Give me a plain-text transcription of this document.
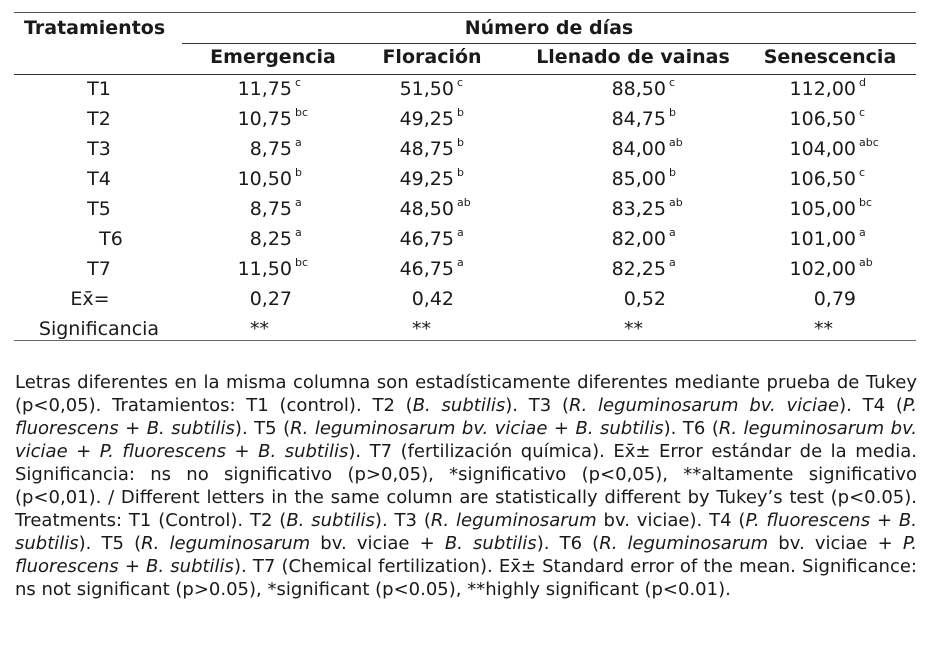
Tratamientos	Número de días
Emergencia	Floración	Llenado de vainas	Senescencia
T1	11,75 $^c$	51,50 $^c$	88,50 $^c$	112,00 $^d$
T2	10,75 $^{bc}$	49,25 $^b$	84,75 $^b$	106,50 $^c$
T3	8,75 $^a$	48,75 $^b$	84,00 $^{ab}$	104,00 $^{abc}$
T4	10,50 $^b$	49,25 $^b$	85,00 $^b$	106,50 $^c$
T5	8,75 $^a$	48,50 $^{ab}$	83,25 $^{ab}$	105,00 $^{bc}$
T6	8,25 $^a$	46,75 $^a$	82,00 $^a$	101,00 $^a$
T7	11,50 $^{bc}$	46,75 $^a$	82,25 $^a$	102,00 $^{ab}$
Ex̄=	0,27	0,42	0,52	0,79
Significancia	**	**	**	**

Letras diferentes en la misma columna son estadísticamente diferentes mediante prueba de Tukey (p<0,05). Tratamientos: T1 (control). T2 (B. subtilis). T3 (R. leguminosarum bv. viciae). T4 (P. fluorescens + B. subtilis). T5 (R. leguminosarum bv. viciae + B. subtilis). T6 (R. leguminosarum bv. viciae + P. fluorescens + B. subtilis). T7 (fertilización química). Ex̄± Error estándar de la media. Significancia: ns no significativo (p>0,05), *significativo (p<0,05), **altamente significativo (p<0,01). / Different letters in the same column are statistically different by Tukey’s test (p<0.05). Treatments: T1 (Control). T2 (B. subtilis). T3 (R. leguminosarum bv. viciae). T4 (P. fluorescens + B. subtilis). T5 (R. leguminosarum bv. viciae + B. subtilis). T6 (R. leguminosarum bv. viciae + P. fluorescens + B. subtilis). T7 (Chemical fertilization). Ex̄± Standard error of the mean. Significance: ns not significant (p>0.05), *significant (p<0.05), **highly significant (p<0.01).
